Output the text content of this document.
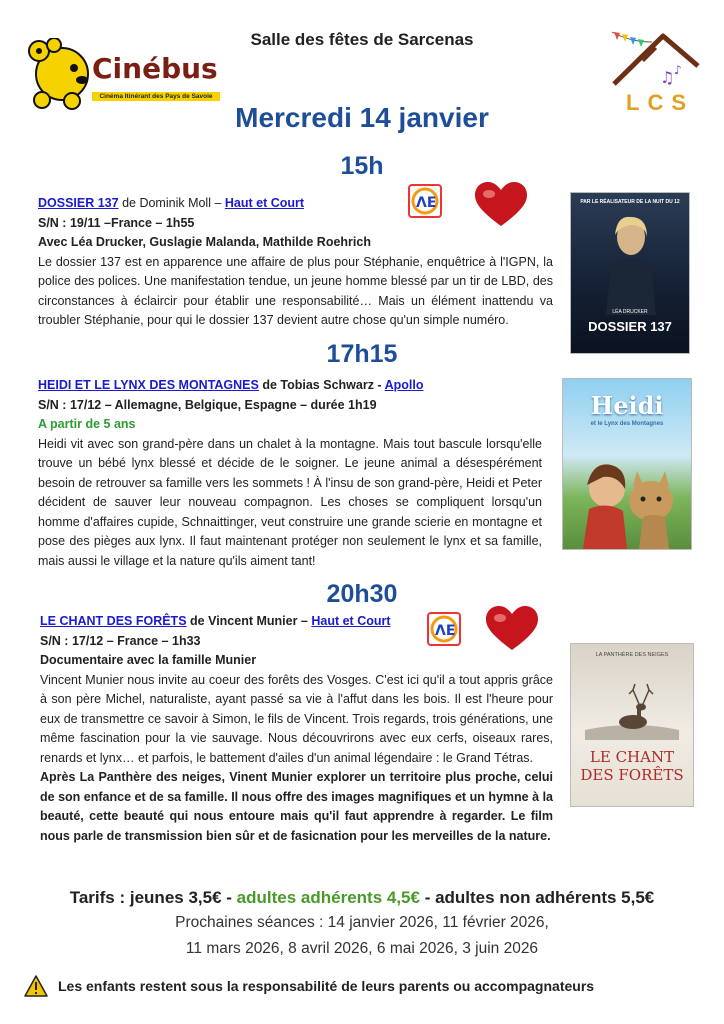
Cinébus
Cinéma Itinérant des Pays de Savoie
Salle des fêtes de Sarcenas
♫ ♪
LCS
Mercredi 14 janvier
15h
ΛE
DOSSIER 137 de Dominik Moll – Haut et Court
S/N : 19/11 –France – 1h55
Avec Léa Drucker, Guslagie Malanda, Mathilde Roehrich
Le dossier 137 est en apparence une affaire de plus pour Stéphanie, enquêtrice à l'IGPN, la police des polices. Une manifestation tendue, un jeune homme blessé par un tir de LBD, des circonstances à éclaircir pour établir une responsabilité… Mais un élément inattendu va troubler Stéphanie, pour qui le dossier 137 devient autre chose qu'un simple numéro.
PAR LE RÉALISATEUR DE LA NUIT DU 12
LÉA DRUCKER
DOSSIER 137
17h15
HEIDI ET LE LYNX DES MONTAGNES de Tobias Schwarz - Apollo
S/N : 17/12 – Allemagne, Belgique, Espagne – durée 1h19
A partir de 5 ans
Heidi vit avec son grand-père dans un chalet à la montagne. Mais tout bascule lorsqu'elle trouve un bébé lynx blessé et décide de le soigner. Le jeune animal a désespérément besoin de retrouver sa famille vers les sommets ! À l'insu de son grand-père, Heidi et Peter décident de sauver leur nouveau compagnon. Les choses se compliquent lorsqu'un homme d'affaires cupide, Schnaittinger, veut construire une grande scierie en montagne et pose des pièges aux lynx. Il faut maintenant protéger non seulement le lynx et sa famille, mais aussi le village et la nature qu'ils aiment tant!
Heidi
et le Lynx des Montagnes
20h30
ΛE
LE CHANT DES FORÊTS de Vincent Munier – Haut et Court
S/N : 17/12 – France – 1h33
Documentaire avec la famille Munier
Vincent Munier nous invite au coeur des forêts des Vosges. C'est ici qu'il a tout appris grâce à son père Michel, naturaliste, ayant passé sa vie à l'affut dans les bois. Il est l'heure pour eux de transmettre ce savoir à Simon, le fils de Vincent. Trois regards, trois générations, une même fascination pour la vie sauvage. Nous découvrirons avec eux cerfs, oiseaux rares, renards et lynx… et parfois, le battement d'ailes d'un animal légendaire : le Grand Tétras.
Après La Panthère des neiges, Vinent Munier explorer un territoire plus proche, celui de son enfance et de sa famille. Il nous offre des images magnifiques et un hymne à la beauté, cette beauté qui nous entoure mais qu'il faut apprendre à regarder. Le film nous parle de transmission bien sûr et de fasicnation pour les merveilles de la nature.
LA PANTHÈRE DES NEIGES
LE CHANT
DES FORÊTS
Tarifs : jeunes 3,5€ - adultes adhérents 4,5€ - adultes non adhérents 5,5€
Prochaines séances : 14 janvier 2026, 11 février 2026,
11 mars 2026, 8 avril 2026, 6 mai 2026, 3 juin 2026
Les enfants restent sous la responsabilité de leurs parents ou accompagnateurs
